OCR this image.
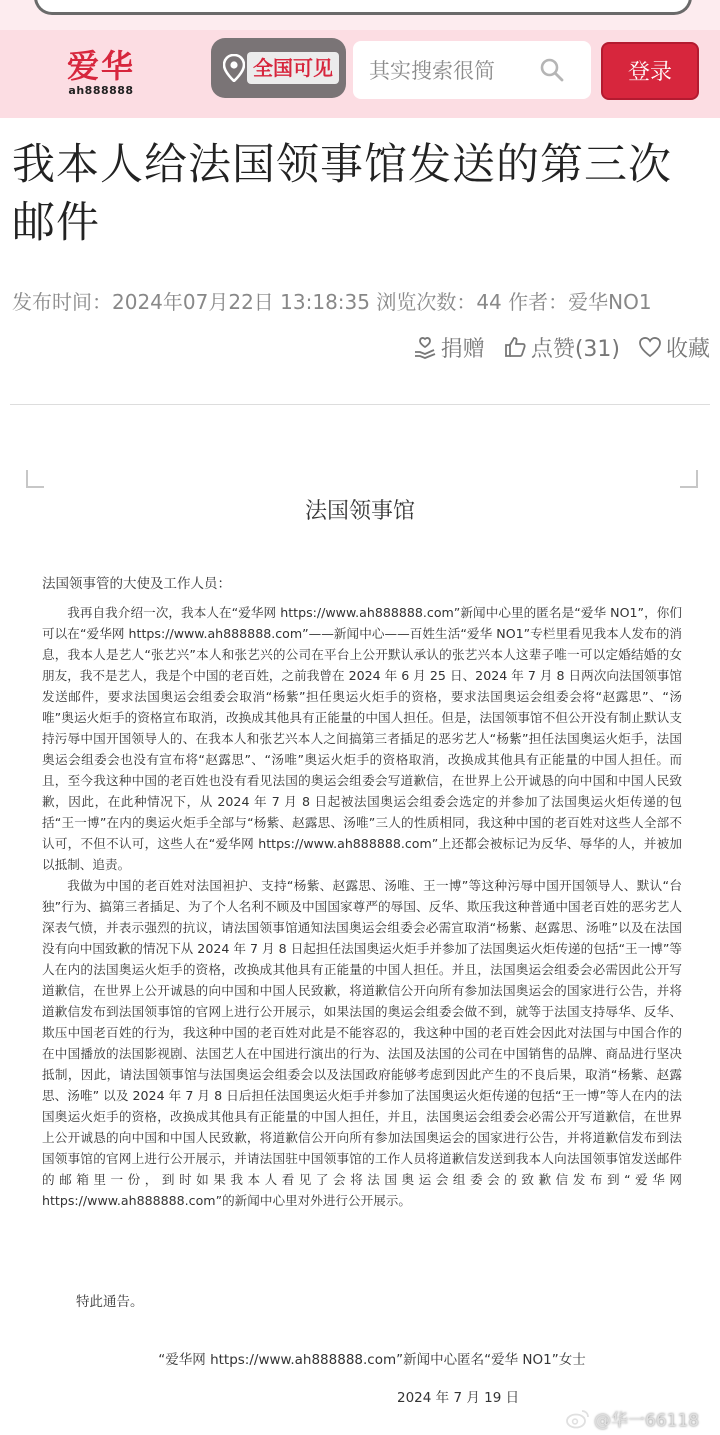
爱华
ah888888
全国可见
其实搜索很简	登录
我本人给法国领事馆发送的第三次邮件
发布时间：2024年07月22日 13:18:35 浏览次数：44 作者：爱华NO1
捐赠 点赞(31) 收藏
法国领事馆
法国领事管的大使及工作人员：

我再自我介绍一次，我本人在“爱华网 https://www.ah888888.com”新闻中心里的匿名是“爱华 NO1”，你们可以在“爱华网 https://www.ah888888.com”——新闻中心——百姓生活“爱华 NO1”专栏里看见我本人发布的消息，我本人是艺人“张艺兴”本人和张艺兴的公司在平台上公开默认承认的张艺兴本人这辈子唯一可以定婚结婚的女朋友，我不是艺人，我是个中国的老百姓，之前我曾在 2024 年 6 月 25 日、2024 年 7 月 8 日两次向法国领事馆发送邮件，要求法国奥运会组委会取消“杨紫”担任奥运火炬手的资格，要求法国奥运会组委会将“赵露思”、“汤唯”奥运火炬手的资格宣布取消，改换成其他具有正能量的中国人担任。但是，法国领事馆不但公开没有制止默认支持污辱中国开国领导人的、在我本人和张艺兴本人之间搞第三者插足的恶劣艺人“杨紫”担任法国奥运火炬手，法国奥运会组委会也没有宣布将“赵露思”、“汤唯”奥运火炬手的资格取消，改换成其他具有正能量的中国人担任。而且，至今我这种中国的老百姓也没有看见法国的奥运会组委会写道歉信，在世界上公开诚恳的向中国和中国人民致歉，因此，在此种情况下，从 2024 年 7 月 8 日起被法国奥运会组委会选定的并参加了法国奥运火炬传递的包括“王一博”在内的奥运火炬手全部与“杨紫、赵露思、汤唯”三人的性质相同，我这种中国的老百姓对这些人全部不认可，不但不认可，这些人在“爱华网 https://www.ah888888.com”上还都会被标记为反华、辱华的人，并被加以抵制、追责。

我做为中国的老百姓对法国袒护、支持“杨紫、赵露思、汤唯、王一博”等这种污辱中国开国领导人、默认“台独”行为、搞第三者插足、为了个人名利不顾及中国国家尊严的辱国、反华、欺压我这种普通中国老百姓的恶劣艺人深表气愤，并表示强烈的抗议，请法国领事馆通知法国奥运会组委会必需宣取消“杨紫、赵露思、汤唯”以及在法国没有向中国致歉的情况下从 2024 年 7 月 8 日起担任法国奥运火炬手并参加了法国奥运火炬传递的包括“王一博”等人在内的法国奥运火炬手的资格，改换成其他具有正能量的中国人担任。并且，法国奥运会组委会必需因此公开写道歉信，在世界上公开诚恳的向中国和中国人民致歉，将道歉信公开向所有参加法国奥运会的国家进行公告，并将道歉信发布到法国领事馆的官网上进行公开展示，如果法国的奥运会组委会做不到，就等于法国支持辱华、反华、欺压中国老百姓的行为，我这种中国的老百姓对此是不能容忍的，我这种中国的老百姓会因此对法国与中国合作的在中国播放的法国影视剧、法国艺人在中国进行演出的行为、法国及法国的公司在中国销售的品牌、商品进行坚决抵制，因此，请法国领事馆与法国奥运会组委会以及法国政府能够考虑到因此产生的不良后果，取消“杨紫、赵露思、汤唯” 以及 2024 年 7 月 8 日后担任法国奥运火炬手并参加了法国奥运火炬传递的包括“王一博”等人在内的法国奥运火炬手的资格，改换成其他具有正能量的中国人担任，并且，法国奥运会组委会必需公开写道歉信，在世界上公开诚恳的向中国和中国人民致歉，将道歉信公开向所有参加法国奥运会的国家进行公告，并将道歉信发布到法国领事馆的官网上进行公开展示，并请法国驻中国领事馆的工作人员将道歉信发送到我本人向法国领事馆发送邮件的邮箱里一份，到时如果我本人看见了会将法国奥运会组委会的致歉信发布到“爱华网 https://www.ah888888.com”的新闻中心里对外进行公开展示。

特此通告。
“爱华网 https://www.ah888888.com”新闻中心匿名“爱华 NO1”女士
2024 年 7 月 19 日
@华一66118
